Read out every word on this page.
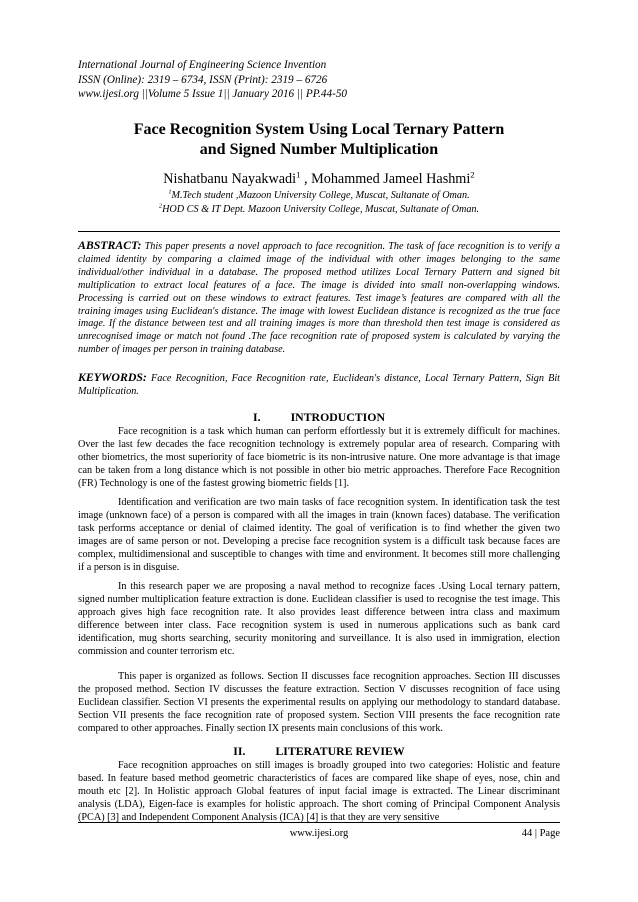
International Journal of Engineering Science Invention
ISSN (Online): 2319 – 6734, ISSN (Print): 2319 – 6726
www.ijesi.org ||Volume 5 Issue 1|| January 2016 || PP.44-50
Face Recognition System Using Local Ternary Pattern
and Signed Number Multiplication
Nishatbanu Nayakwadi$^1$ , Mohammed Jameel Hashmi$^2$
$^1$M.Tech student ,Mazoon University College, Muscat, Sultanate of Oman.
$^2$HOD CS & IT Dept. Mazoon University College, Muscat, Sultanate of Oman.
ABSTRACT: This paper presents a novel approach to face recognition. The task of face recognition is to verify a claimed identity by comparing a claimed image of the individual with other images belonging to the same individual/other individual in a database. The proposed method utilizes Local Ternary Pattern and signed bit multiplication to extract local features of a face. The image is divided into small non-overlapping windows. Processing is carried out on these windows to extract features. Test image’s features are compared with all the training images using Euclidean's distance. The image with lowest Euclidean distance is recognized as the true face image. If the distance between test and all training images is more than threshold then test image is considered as unrecognised image or match not found .The face recognition rate of proposed system is calculated by varying the number of images per person in training database.
KEYWORDS: Face Recognition, Face Recognition rate, Euclidean's distance, Local Ternary Pattern, Sign Bit Multiplication.
I.	INTRODUCTION
Face recognition is a task which human can perform effortlessly but it is extremely difficult for machines. Over the last few decades the face recognition technology is extremely popular area of research. Comparing with other biometrics, the most superiority of face biometric is its non-intrusive nature. One more advantage is that image can be taken from a long distance which is not possible in other bio metric approaches. Therefore Face Recognition (FR) Technology is one of the fastest growing biometric fields [1].
Identification and verification are two main tasks of face recognition system. In identification task the test image (unknown face) of a person is compared with all the images in train (known faces) database. The verification task performs acceptance or denial of claimed identity. The goal of verification is to find whether the given two images are of same person or not. Developing a precise face recognition system is a difficult task because faces are complex, multidimensional and susceptible to changes with time and environment. It becomes still more challenging if a person is in disguise.
In this research paper we are proposing a naval method to recognize faces .Using Local ternary pattern, signed number multiplication feature extraction is done. Euclidean classifier is used to recognise the test image. This approach gives high face recognition rate. It also provides least difference between intra class and maximum difference between inter class. Face recognition system is used in numerous applications such as bank card identification, mug shorts searching, security monitoring and surveillance. It is also used in immigration, election commission and counter terrorism etc.
This paper is organized as follows. Section II discusses face recognition approaches. Section III discusses the proposed method. Section IV discusses the feature extraction. Section V discusses recognition of face using Euclidean classifier. Section VI presents the experimental results on applying our methodology to standard database. Section VII presents the face recognition rate of proposed system. Section VIII presents the face recognition rate compared to other approaches. Finally section IX presents main conclusions of this work.
II.	LITERATURE REVIEW
Face recognition approaches on still images is broadly grouped into two categories: Holistic and feature based. In feature based method geometric characteristics of faces are compared like shape of eyes, nose, chin and mouth etc [2]. In Holistic approach Global features of input facial image is extracted. The Linear discriminant analysis (LDA), Eigen-face is examples for holistic approach. The short coming of Principal Component Analysis (PCA) [3] and Independent Component Analysis (ICA) [4] is that they are very sensitive
www.ijesi.org	44 | Page
